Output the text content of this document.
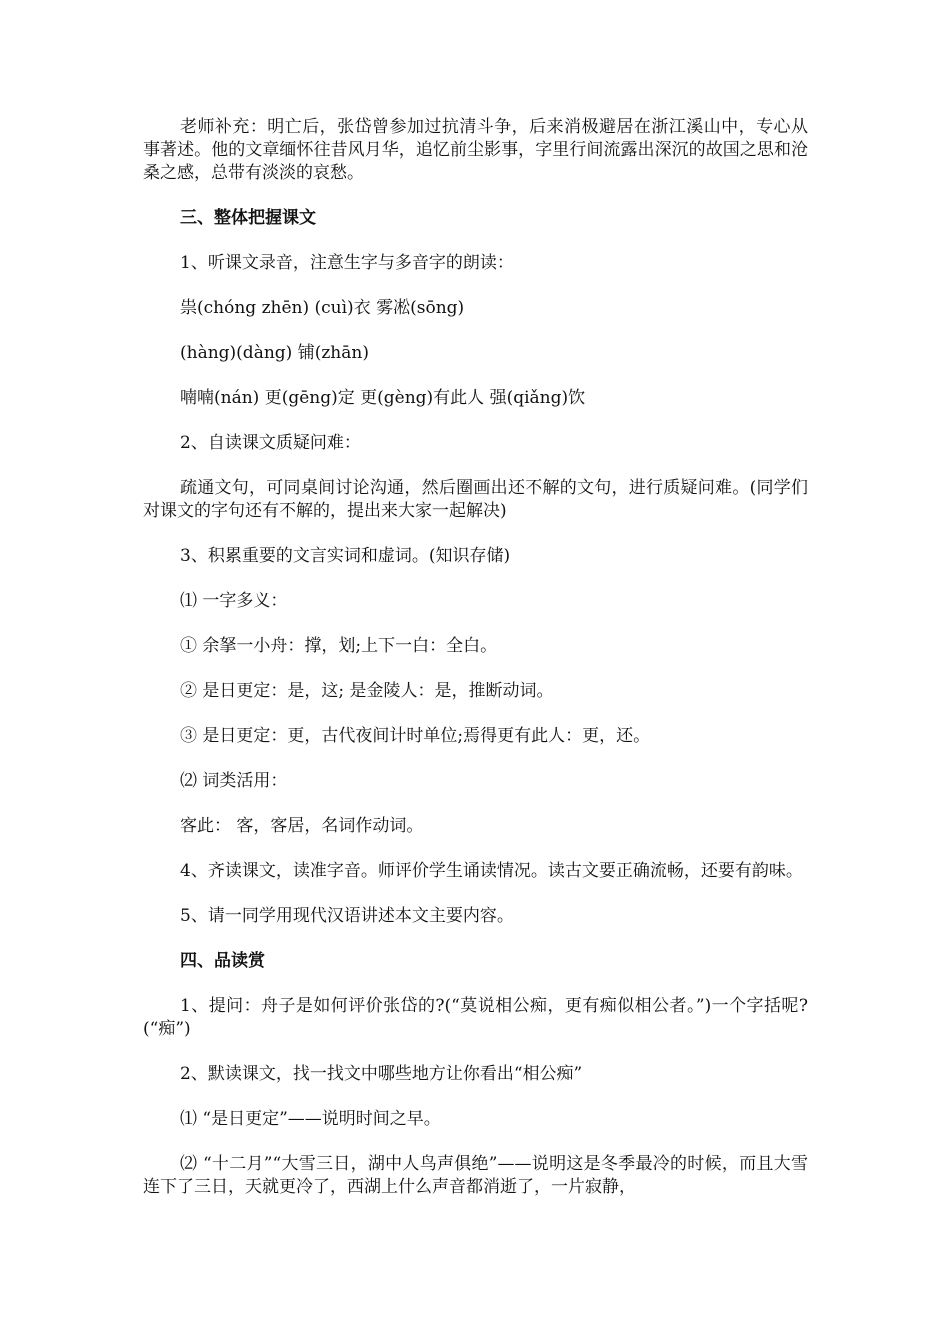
老师补充：明亡后，张岱曾参加过抗清斗争，后来消极避居在浙江溪山中，专心从事著述。他的文章缅怀往昔风月华，追忆前尘影事，字里行间流露出深沉的故国之思和沧桑之感，总带有淡淡的哀愁。

三、整体把握课文

1、听课文录音，注意生字与多音字的朗读：

祟(chóng zhēn) (cuì)衣 雾凇(sōng)

(hàng)(dàng) 铺(zhān)

喃喃(nán) 更(gēng)定 更(gèng)有此人 强(qiǎng)饮

2、自读课文质疑问难：

疏通文句，可同桌间讨论沟通，然后圈画出还不解的文句，进行质疑问难。(同学们对课文的字句还有不解的，提出来大家一起解决)

3、积累重要的文言实词和虚词。(知识存储)

⑴ 一字多义：

① 余拏一小舟：撑，划;上下一白：全白。

② 是日更定：是，这; 是金陵人：是，推断动词。

③ 是日更定：更，古代夜间计时单位;焉得更有此人：更，还。

⑵ 词类活用：

客此： 客，客居，名词作动词。

4、齐读课文，读准字音。师评价学生诵读情况。读古文要正确流畅，还要有韵味。

5、请一同学用现代汉语讲述本文主要内容。

四、品读赏

1、提问：舟子是如何评价张岱的?(“莫说相公痴，更有痴似相公者。”)一个字括呢?(“痴”)

2、默读课文，找一找文中哪些地方让你看出“相公痴”

⑴ “是日更定”——说明时间之早。

⑵ “十二月”“大雪三日，湖中人鸟声俱绝”——说明这是冬季最冷的时候，而且大雪连下了三日，天就更冷了，西湖上什么声音都消逝了，一片寂静，
